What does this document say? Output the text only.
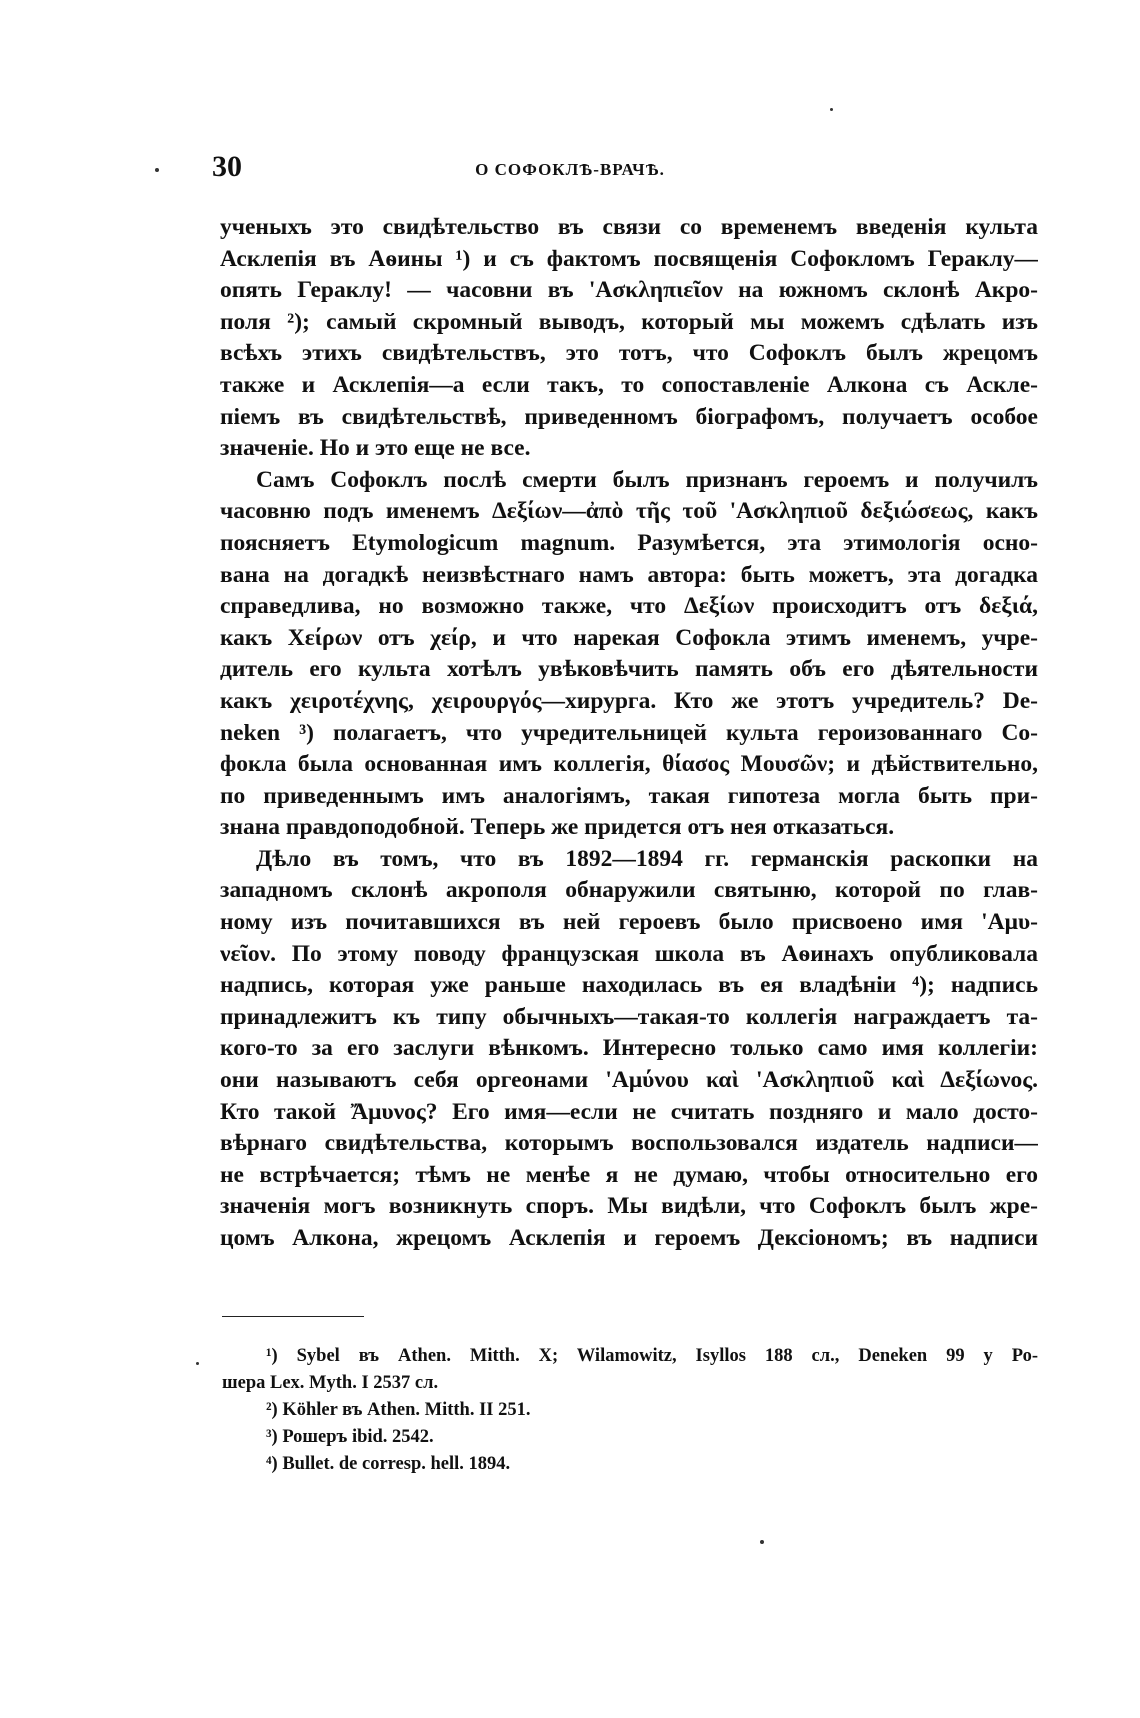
30	О СОФОКЛѢ-ВРАЧѢ.
ученыхъ это свидѣтельство въ связи со временемъ введенія культа
Асклепія въ Аѳины ¹) и съ фактомъ посвященія Софокломъ Гераклу—
опять Гераклу! — часовни въ 'Ασκληπιεῖον на южномъ склонѣ Акро-
поля ²); самый скромный выводъ, который мы можемъ сдѣлать изъ
всѣхъ этихъ свидѣтельствъ, это тотъ, что Софоклъ былъ жрецомъ
также и Асклепія—а если такъ, то сопоставленіе Алкона съ Аскле-
піемъ въ свидѣтельствѣ, приведенномъ біографомъ, получаетъ особое
значеніе. Но и это еще не все.
Самъ Софоклъ послѣ смерти былъ признанъ героемъ и получилъ
часовню подъ именемъ Δεξίων—ἀπὸ τῆς τοῦ 'Ασκληπιοῦ δεξιώσεως, какъ
поясняетъ Etymologicum magnum. Разумѣется, эта этимологія осно-
вана на догадкѣ неизвѣстнаго намъ автора: быть можетъ, эта догадка
справедлива, но возможно также, что Δεξίων происходитъ отъ δεξιά,
какъ Χείρων отъ χείρ, и что нарекая Софокла этимъ именемъ, учре-
дитель его культа хотѣлъ увѣковѣчить память объ его дѣятельности
какъ χειροτέχνης, χειρουργός—хирурга. Кто же этотъ учредитель? De-
neken ³) полагаетъ, что учредительницей культа героизованнаго Со-
фокла была основанная имъ коллегія, θίασος Μουσῶν; и дѣйствительно,
по приведеннымъ имъ аналогіямъ, такая гипотеза могла быть при-
знана правдоподобной. Теперь же придется отъ нея отказаться.
Дѣло въ томъ, что въ 1892—1894 гг. германскія раскопки на
западномъ склонѣ акрополя обнаружили святыню, которой по глав-
ному изъ почитавшихся въ ней героевъ было присвоено имя 'Αμυ-
νεῖον. По этому поводу французская школа въ Аѳинахъ опубликовала
надпись, которая уже раньше находилась въ ея владѣніи ⁴); надпись
принадлежитъ къ типу обычныхъ—такая-то коллегія награждаетъ та-
кого-то за его заслуги вѣнкомъ. Интересно только само имя коллегіи:
они называютъ себя оргеонами 'Αμύνου καὶ 'Ασκληπιοῦ καὶ Δεξίωνος.
Кто такой Ἄμυνος? Его имя—если не считать поздняго и мало досто-
вѣрнаго свидѣтельства, которымъ воспользовался издатель надписи—
не встрѣчается; тѣмъ не менѣе я не думаю, чтобы относительно его
значенія могъ возникнуть споръ. Мы видѣли, что Софоклъ былъ жре-
цомъ Алкона, жрецомъ Асклепія и героемъ Дексіономъ; въ надписи
¹) Sybel въ Athen. Mitth. X; Wilamowitz, Isyllos 188 сл., Deneken 99 у Ро-
шера Lex. Myth. I 2537 сл.
²) Köhler въ Athen. Mitth. II 251.
³) Рошеръ ibid. 2542.
⁴) Bullet. de corresp. hell. 1894.
